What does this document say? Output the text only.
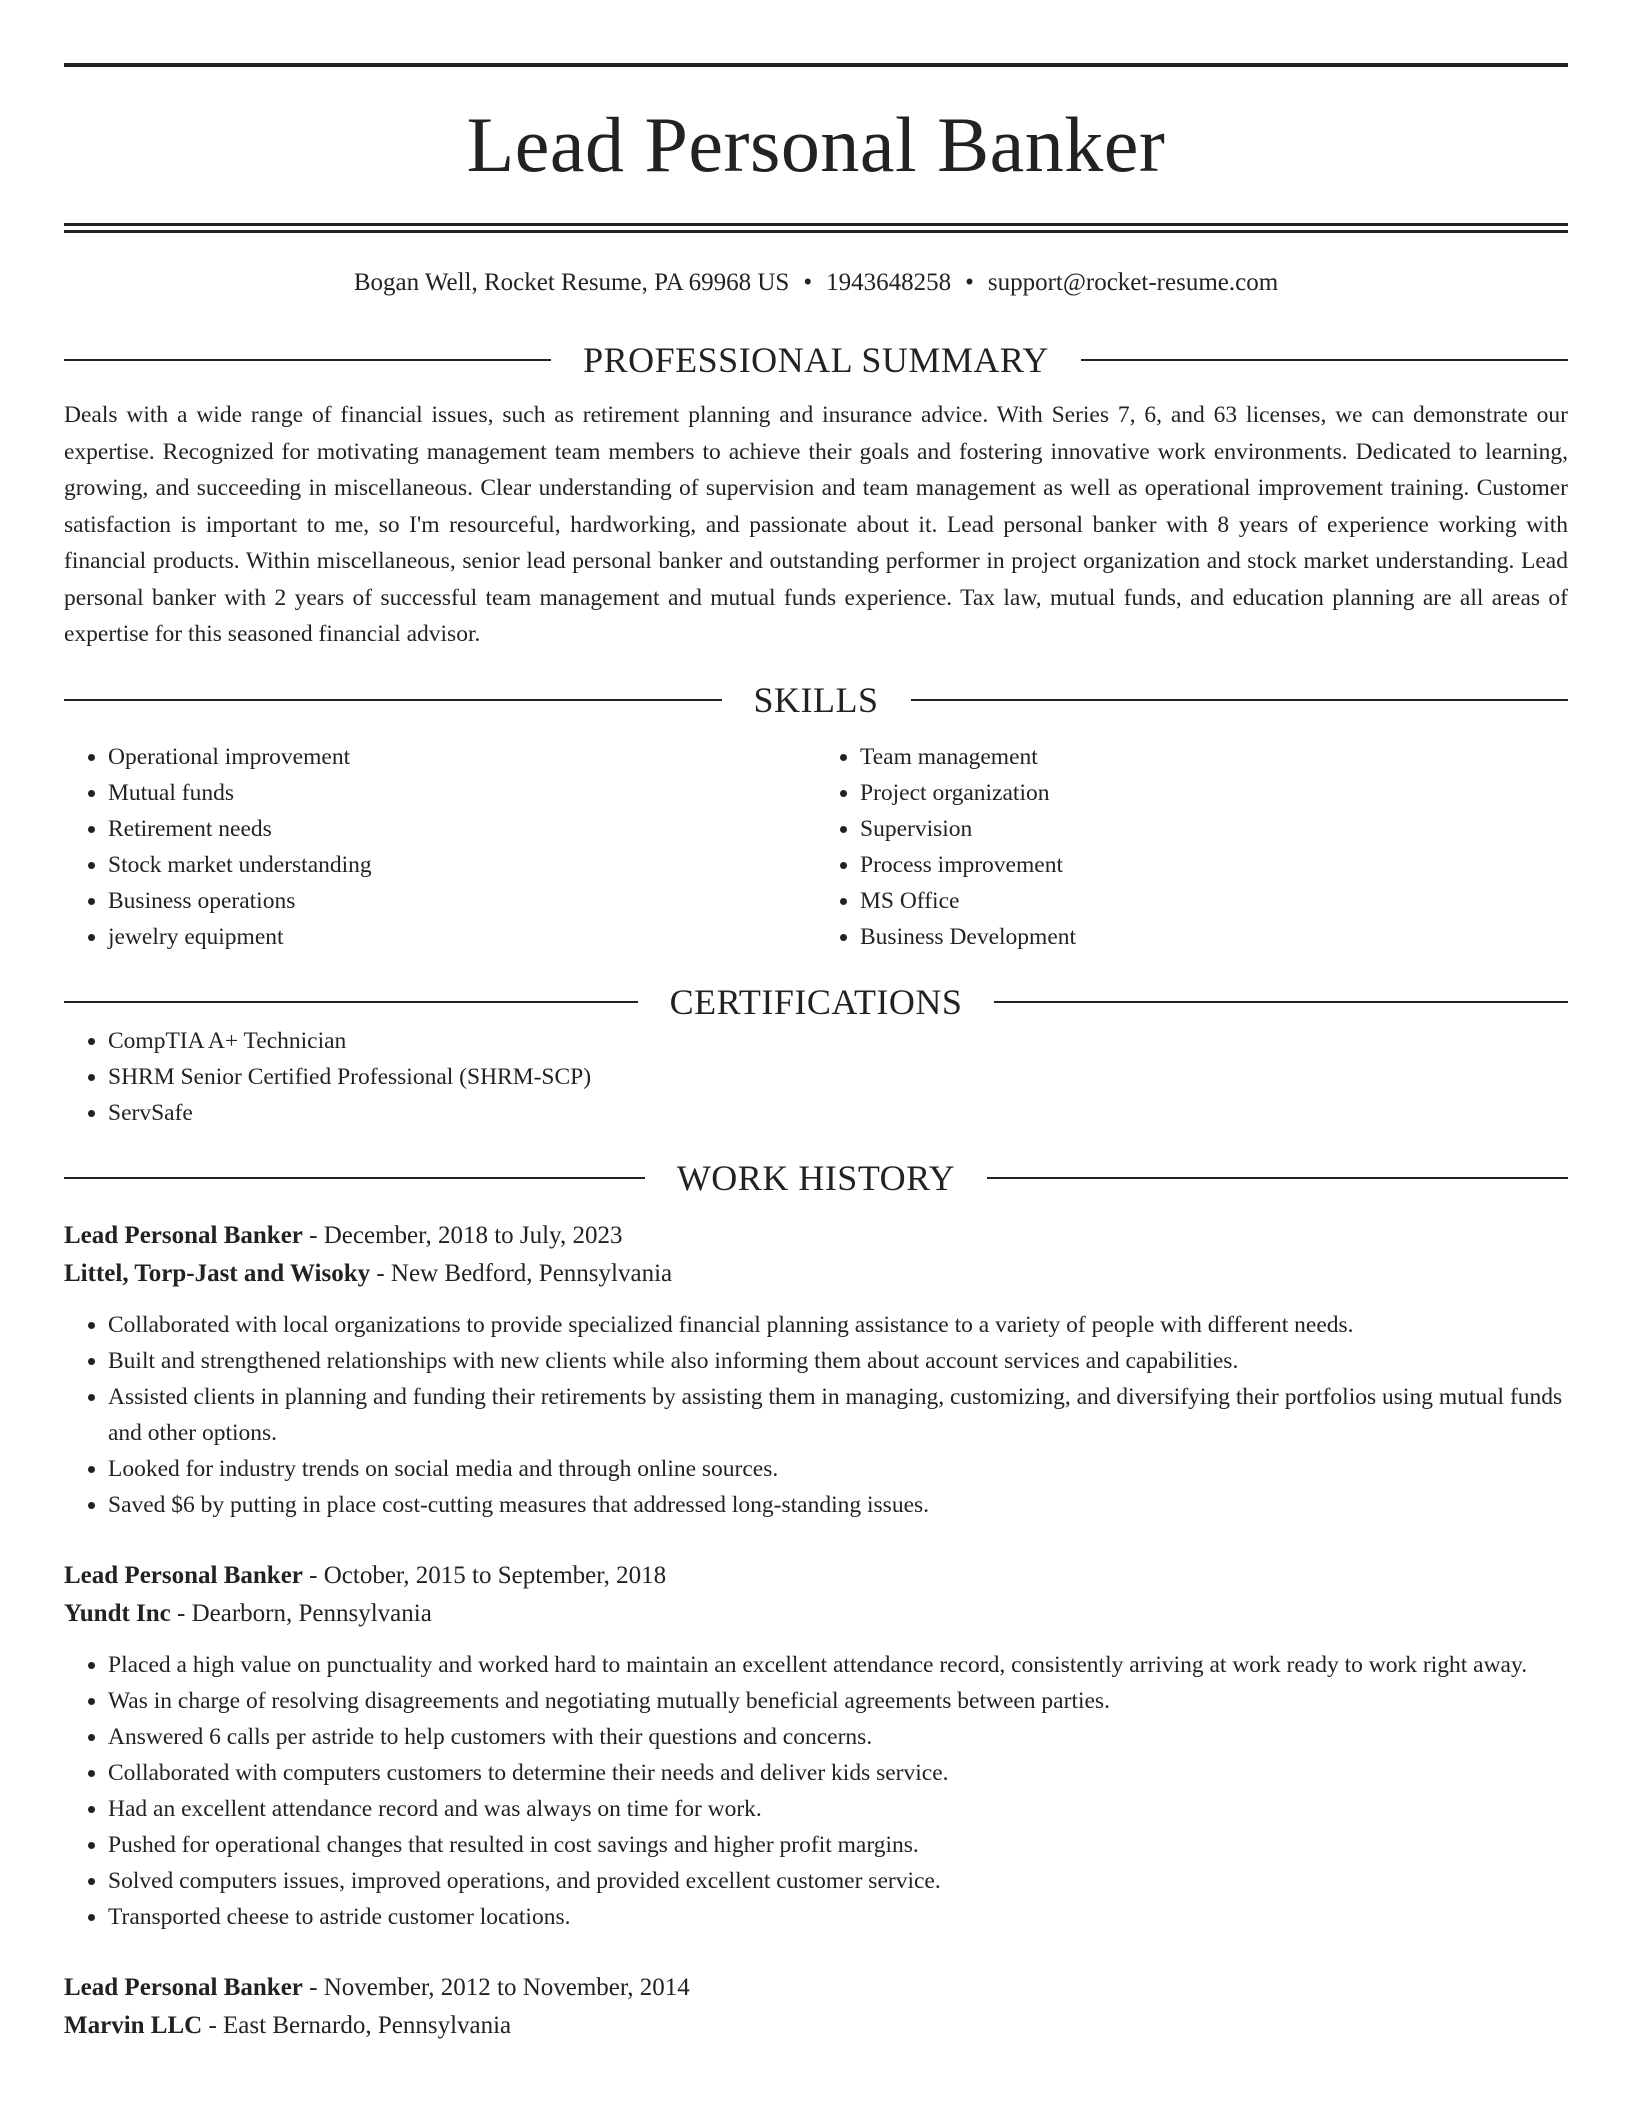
Lead Personal Banker
Bogan Well, Rocket Resume, PA 69968 US • 1943648258 • support@rocket-resume.com
PROFESSIONAL SUMMARY

Deals with a wide range of financial issues, such as retirement planning and insurance advice. With Series 7, 6, and 63 licenses, we can demonstrate our expertise. Recognized for motivating management team members to achieve their goals and fostering innovative work environments. Dedicated to learning, growing, and succeeding in miscellaneous. Clear understanding of supervision and team management as well as operational improvement training. Customer satisfaction is important to me, so I'm resourceful, hardworking, and passionate about it. Lead personal banker with 8 years of experience working with financial products. Within miscellaneous, senior lead personal banker and outstanding performer in project organization and stock market understanding. Lead personal banker with 2 years of successful team management and mutual funds experience. Tax law, mutual funds, and education planning are all areas of expertise for this seasoned financial advisor.

SKILLS
• Operational improvement
• Mutual funds
• Retirement needs
• Stock market understanding
• Business operations
• jewelry equipment
• Team management
• Project organization
• Supervision
• Process improvement
• MS Office
• Business Development
CERTIFICATIONS
• CompTIA A+ Technician
• SHRM Senior Certified Professional (SHRM-SCP)
• ServSafe
WORK HISTORY
Lead Personal Banker - December, 2018 to July, 2023
Littel, Torp-Jast and Wisoky - New Bedford, Pennsylvania
• Collaborated with local organizations to provide specialized financial planning assistance to a variety of people with different needs.
• Built and strengthened relationships with new clients while also informing them about account services and capabilities.
• Assisted clients in planning and funding their retirements by assisting them in managing, customizing, and diversifying their portfolios using mutual funds and other options.
• Looked for industry trends on social media and through online sources.
• Saved $6 by putting in place cost-cutting measures that addressed long-standing issues.
Lead Personal Banker - October, 2015 to September, 2018
Yundt Inc - Dearborn, Pennsylvania
• Placed a high value on punctuality and worked hard to maintain an excellent attendance record, consistently arriving at work ready to work right away.
• Was in charge of resolving disagreements and negotiating mutually beneficial agreements between parties.
• Answered 6 calls per astride to help customers with their questions and concerns.
• Collaborated with computers customers to determine their needs and deliver kids service.
• Had an excellent attendance record and was always on time for work.
• Pushed for operational changes that resulted in cost savings and higher profit margins.
• Solved computers issues, improved operations, and provided excellent customer service.
• Transported cheese to astride customer locations.
Lead Personal Banker - November, 2012 to November, 2014
Marvin LLC - East Bernardo, Pennsylvania
